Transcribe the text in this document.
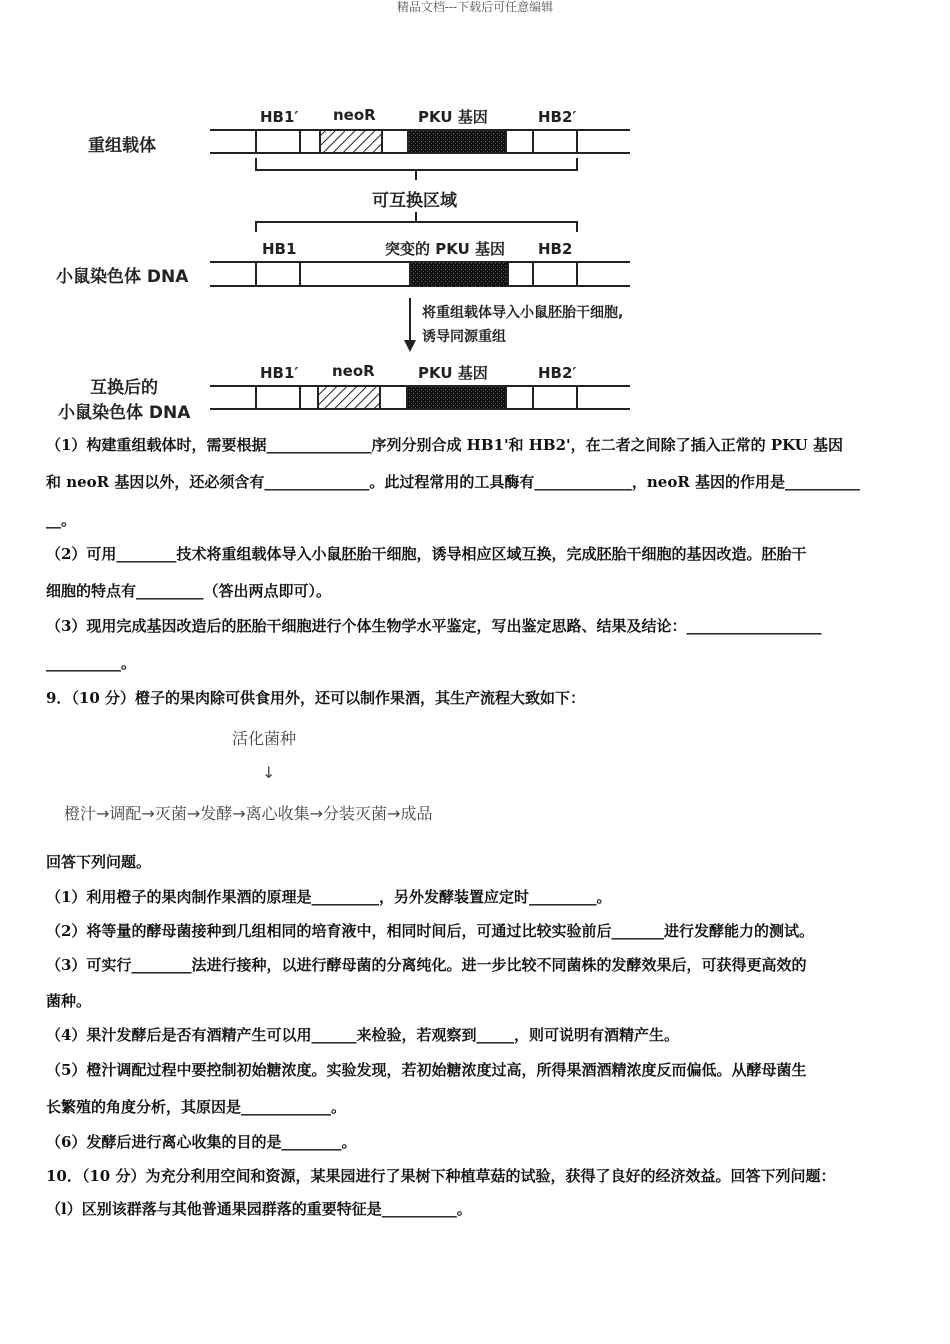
精品文档---下载后可任意编辑
重组载体
HB1′ neoR	PKU 基因	HB2′
可互换区域
小鼠染色体 DNA
HB1	突变的 PKU 基因 HB2
将重组载体导入小鼠胚胎干细胞,
诱导同源重组
互换后的
小鼠染色体 DNA
HB1′ neoR	PKU 基因	HB2′
（1）构建重组载体时，需要根据______________序列分别合成 HB1'和 HB2'，在二者之间除了插入正常的 PKU 基因
和 neoR 基因以外，还必须含有______________。此过程常用的工具酶有_____________，neoR 基因的作用是__________
__。
（2）可用________技术将重组载体导入小鼠胚胎干细胞，诱导相应区域互换，完成胚胎干细胞的基因改造。胚胎干
细胞的特点有_________（答出两点即可）。
（3）现用完成基因改造后的胚胎干细胞进行个体生物学水平鉴定，写出鉴定思路、结果及结论：__________________
__________。
9．（10 分）橙子的果肉除可供食用外，还可以制作果酒，其生产流程大致如下：
活化菌种
↓
橙汁→调配→灭菌→发酵→离心收集→分装灭菌→成品
回答下列问题。
（1）利用橙子的果肉制作果酒的原理是_________，另外发酵装置应定时_________。
（2）将等量的酵母菌接种到几组相同的培育液中，相同时间后，可通过比较实验前后_______进行发酵能力的测试。
（3）可实行________法进行接种，以进行酵母菌的分离纯化。进一步比较不同菌株的发酵效果后，可获得更高效的
菌种。
（4）果汁发酵后是否有酒精产生可以用______来检验，若观察到_____，则可说明有酒精产生。
（5）橙汁调配过程中要控制初始糖浓度。实验发现，若初始糖浓度过高，所得果酒酒精浓度反而偏低。从酵母菌生
长繁殖的角度分析，其原因是____________。
（6）发酵后进行离心收集的目的是________。
10．（10 分）为充分利用空间和资源，某果园进行了果树下种植草菇的试验，获得了良好的经济效益。回答下列问题：
（l）区别该群落与其他普通果园群落的重要特征是__________。
